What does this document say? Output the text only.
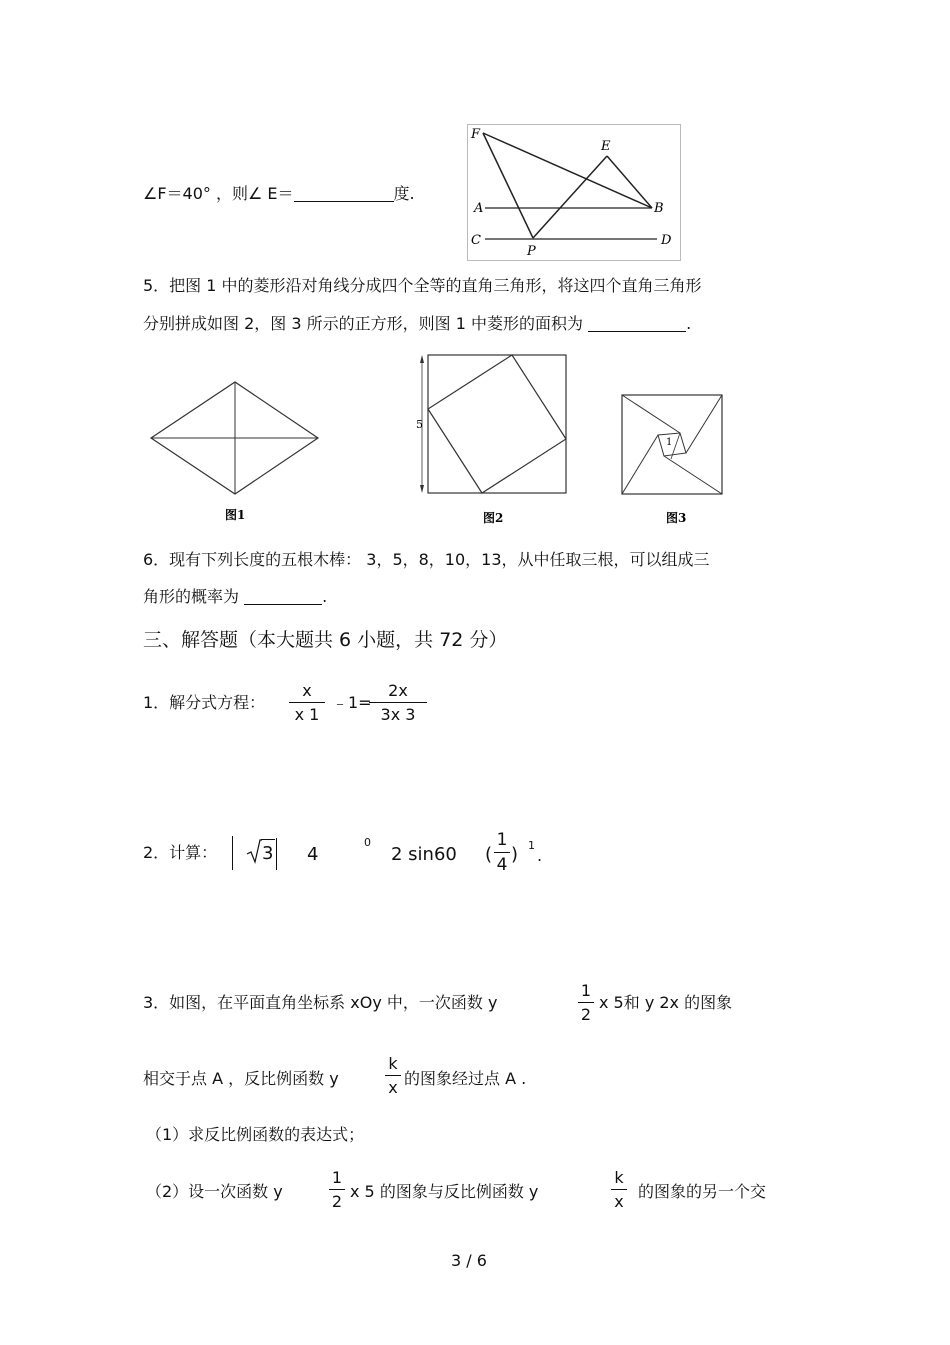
∠F＝40° ，则∠ E＝	度.
F
E
A	B
C	D
P
5．把图 1 中的菱形沿对角线分成四个全等的直角三角形，将这四个直角三角形
分别拼成如图 2，图 3 所示的正方形，则图 1 中菱形的面积为	.
图1
5
图2
1
图3
6．现有下列长度的五根木棒： 3，5，8，10，13，从中任取三根，可以组成三
角形的概率为	.
三、解答题（本大题共 6 小题，共 72 分）
1．解分式方程： $\frac{x}{x 1}$ ﹣1=
$\frac{2x}{3x 3}$
2．计算： 3 4
0
2 sin60 ( $\frac{1}{4}$ ) 1
.
3．如图，在平面直角坐标系 xOy 中，一次函数 y	$\frac{1}{2}$ x 5和 y 2x 的图象
相交于点 A ，反比例函数 y	$\frac{k}{x}$ 的图象经过点 A .
（1）求反比例函数的表达式；
（2）设一次函数 y	$\frac{1}{2}$ x 5 的图象与反比例函数 y	$\frac{k}{x}$ 的图象的另一个交
3 / 6
